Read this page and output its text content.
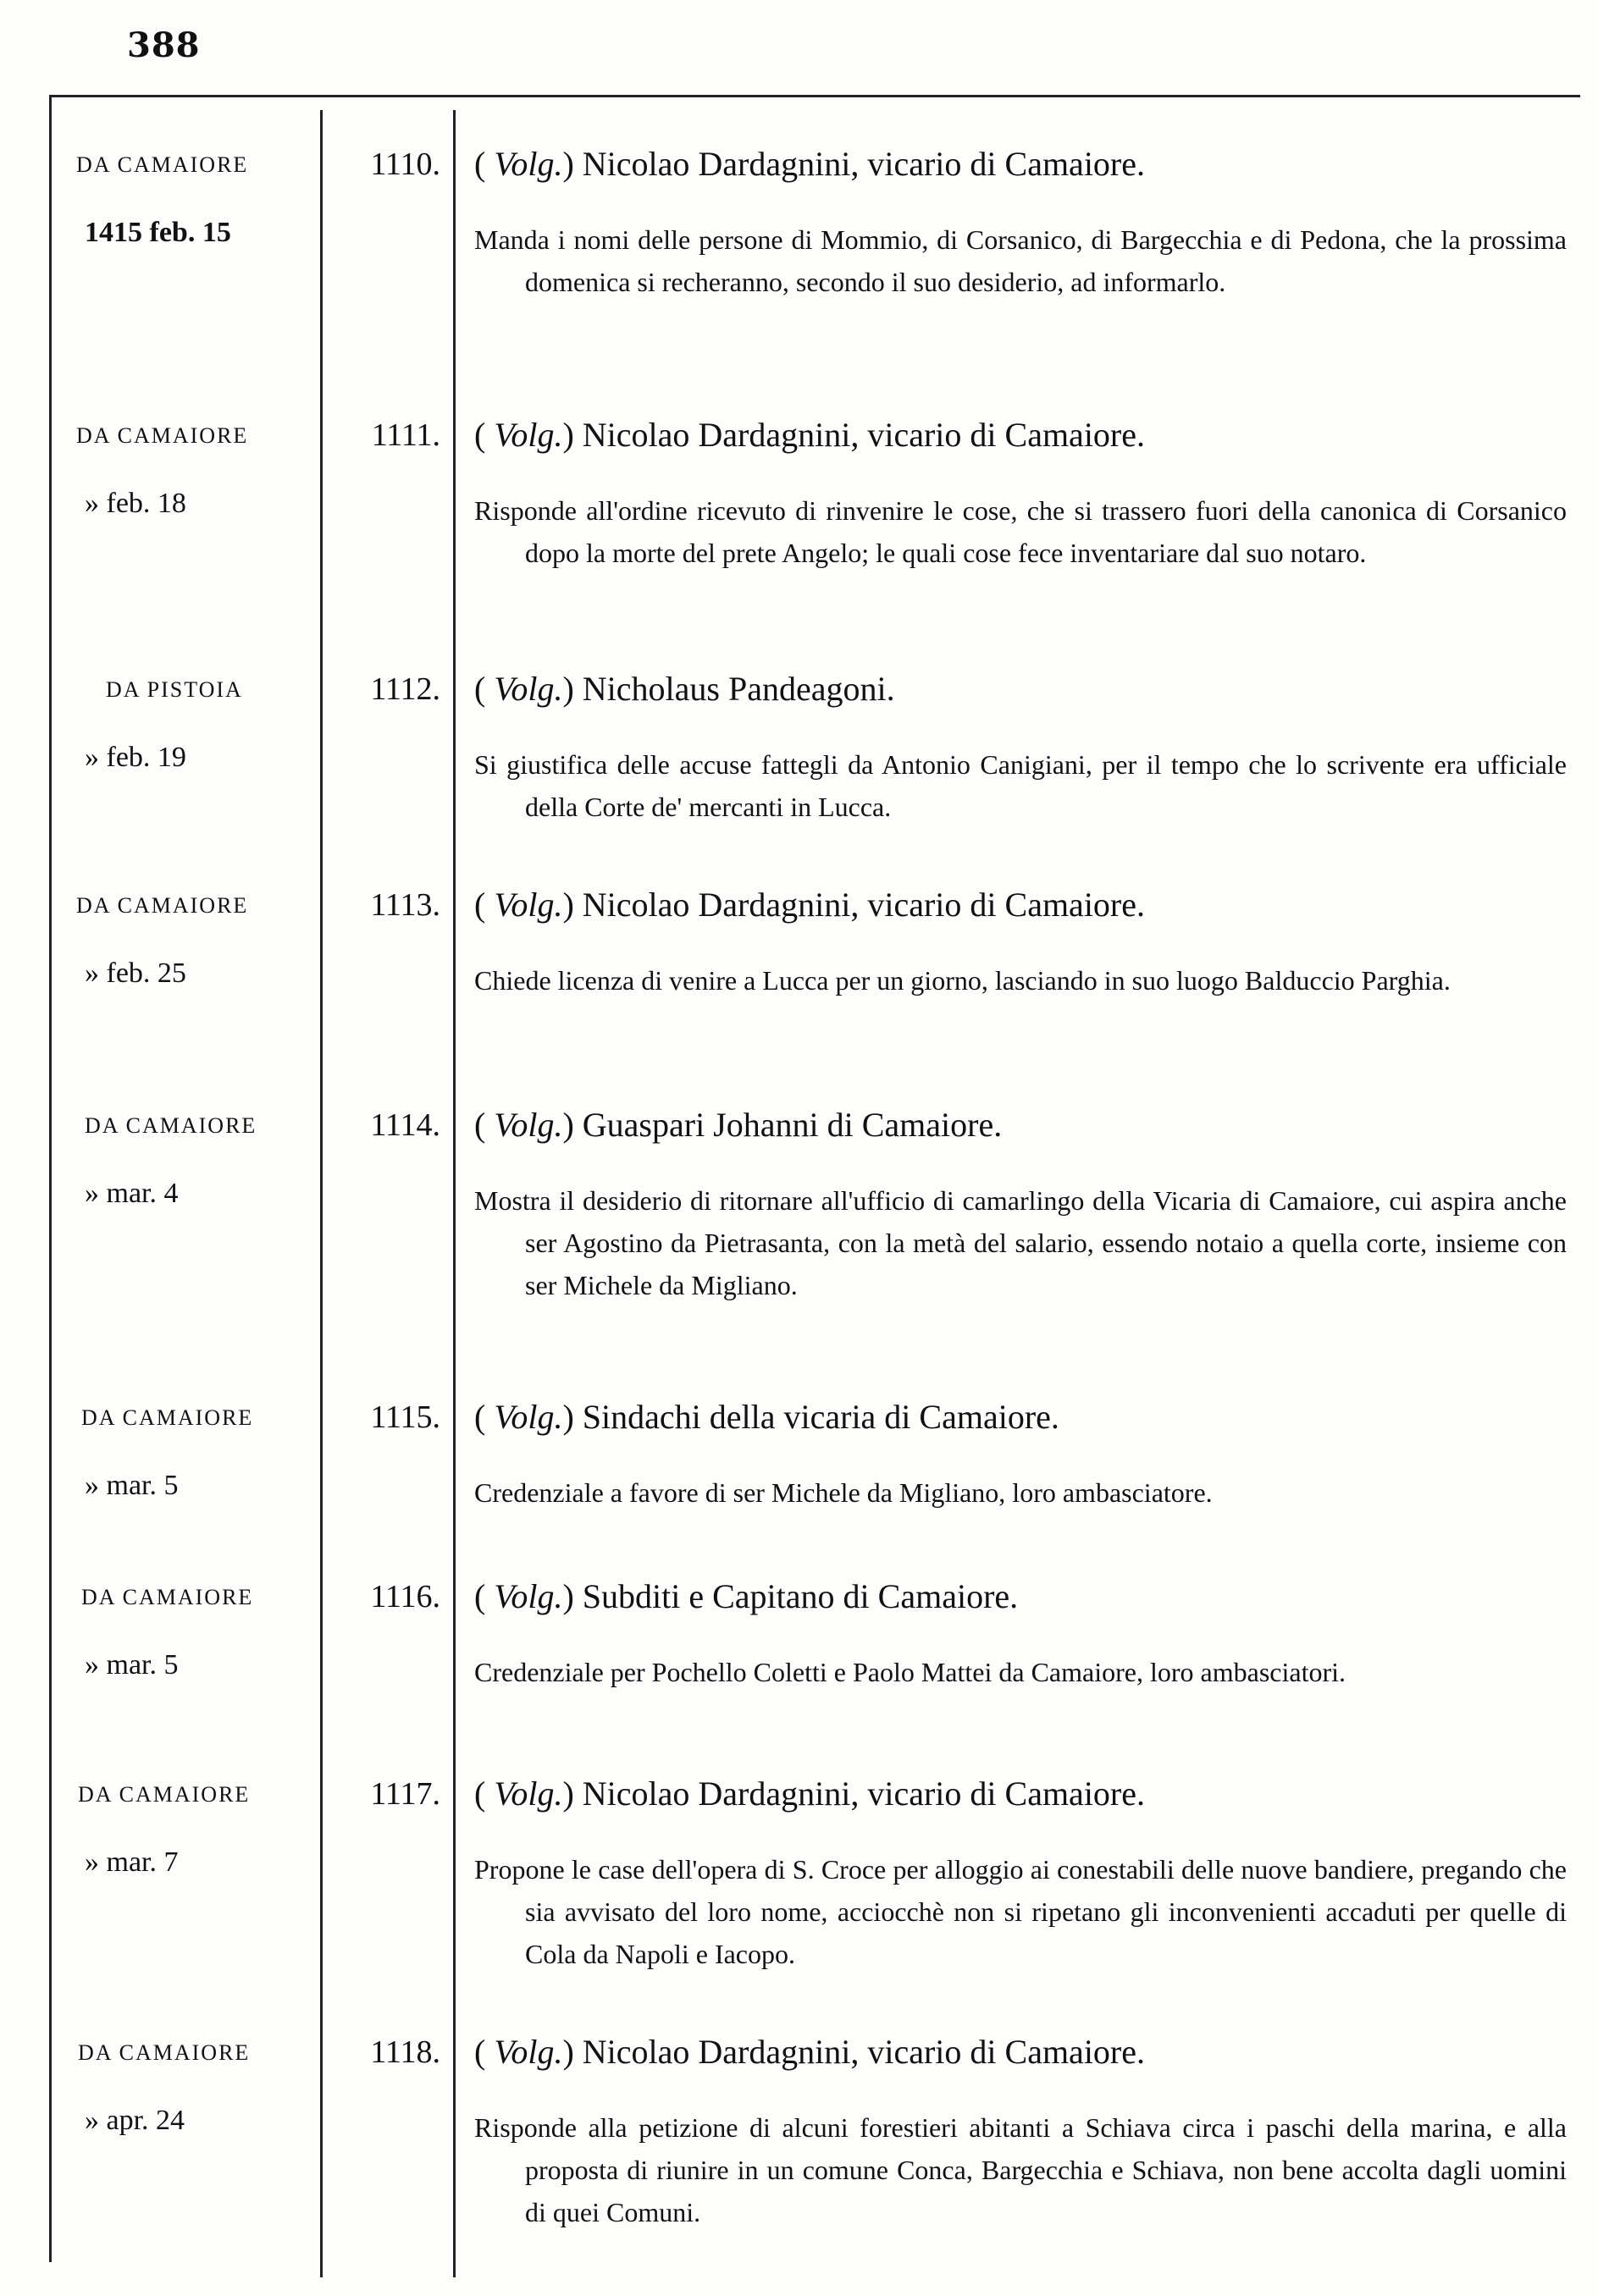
388
DA CAMAIORE
1415 feb. 15
1110. ( Volg.) Nicolao Dardagnini, vicario di Camaiore.

Manda i nomi delle persone di Mommio, di Corsanico, di Bargecchia e di Pedona, che la prossima domenica si recheranno, secondo il suo desiderio, ad informarlo.

DA CAMAIORE
» feb. 18
1111. ( Volg.) Nicolao Dardagnini, vicario di Camaiore.

Risponde all'ordine ricevuto di rinvenire le cose, che si trassero fuori della canonica di Corsanico dopo la morte del prete Angelo; le quali cose fece inventariare dal suo notaro.

DA PISTOIA
» feb. 19
1112. ( Volg.) Nicholaus Pandeagoni.

Si giustifica delle accuse fattegli da Antonio Canigiani, per il tempo che lo scrivente era ufficiale della Corte de' mercanti in Lucca.

DA CAMAIORE
» feb. 25
1113. ( Volg.) Nicolao Dardagnini, vicario di Camaiore.

Chiede licenza di venire a Lucca per un giorno, lasciando in suo luogo Balduccio Parghia.

DA CAMAIORE
» mar. 4
1114. ( Volg.) Guaspari Johanni di Camaiore.

Mostra il desiderio di ritornare all'ufficio di camarlingo della Vicaria di Camaiore, cui aspira anche ser Agostino da Pietrasanta, con la metà del salario, essendo notaio a quella corte, insieme con ser Michele da Migliano.

DA CAMAIORE
» mar. 5
1115. ( Volg.) Sindachi della vicaria di Camaiore.

Credenziale a favore di ser Michele da Migliano, loro ambasciatore.

DA CAMAIORE
» mar. 5
1116. ( Volg.) Subditi e Capitano di Camaiore.

Credenziale per Pochello Coletti e Paolo Mattei da Camaiore, loro ambasciatori.

DA CAMAIORE
» mar. 7
1117. ( Volg.) Nicolao Dardagnini, vicario di Camaiore.

Propone le case dell'opera di S. Croce per alloggio ai conestabili delle nuove bandiere, pregando che sia avvisato del loro nome, acciocchè non si ripetano gli inconvenienti accaduti per quelle di Cola da Napoli e Iacopo.

DA CAMAIORE
» apr. 24
1118. ( Volg.) Nicolao Dardagnini, vicario di Camaiore.

Risponde alla petizione di alcuni forestieri abitanti a Schiava circa i paschi della marina, e alla proposta di riunire in un comune Conca, Bargecchia e Schiava, non bene accolta dagli uomini di quei Comuni.
